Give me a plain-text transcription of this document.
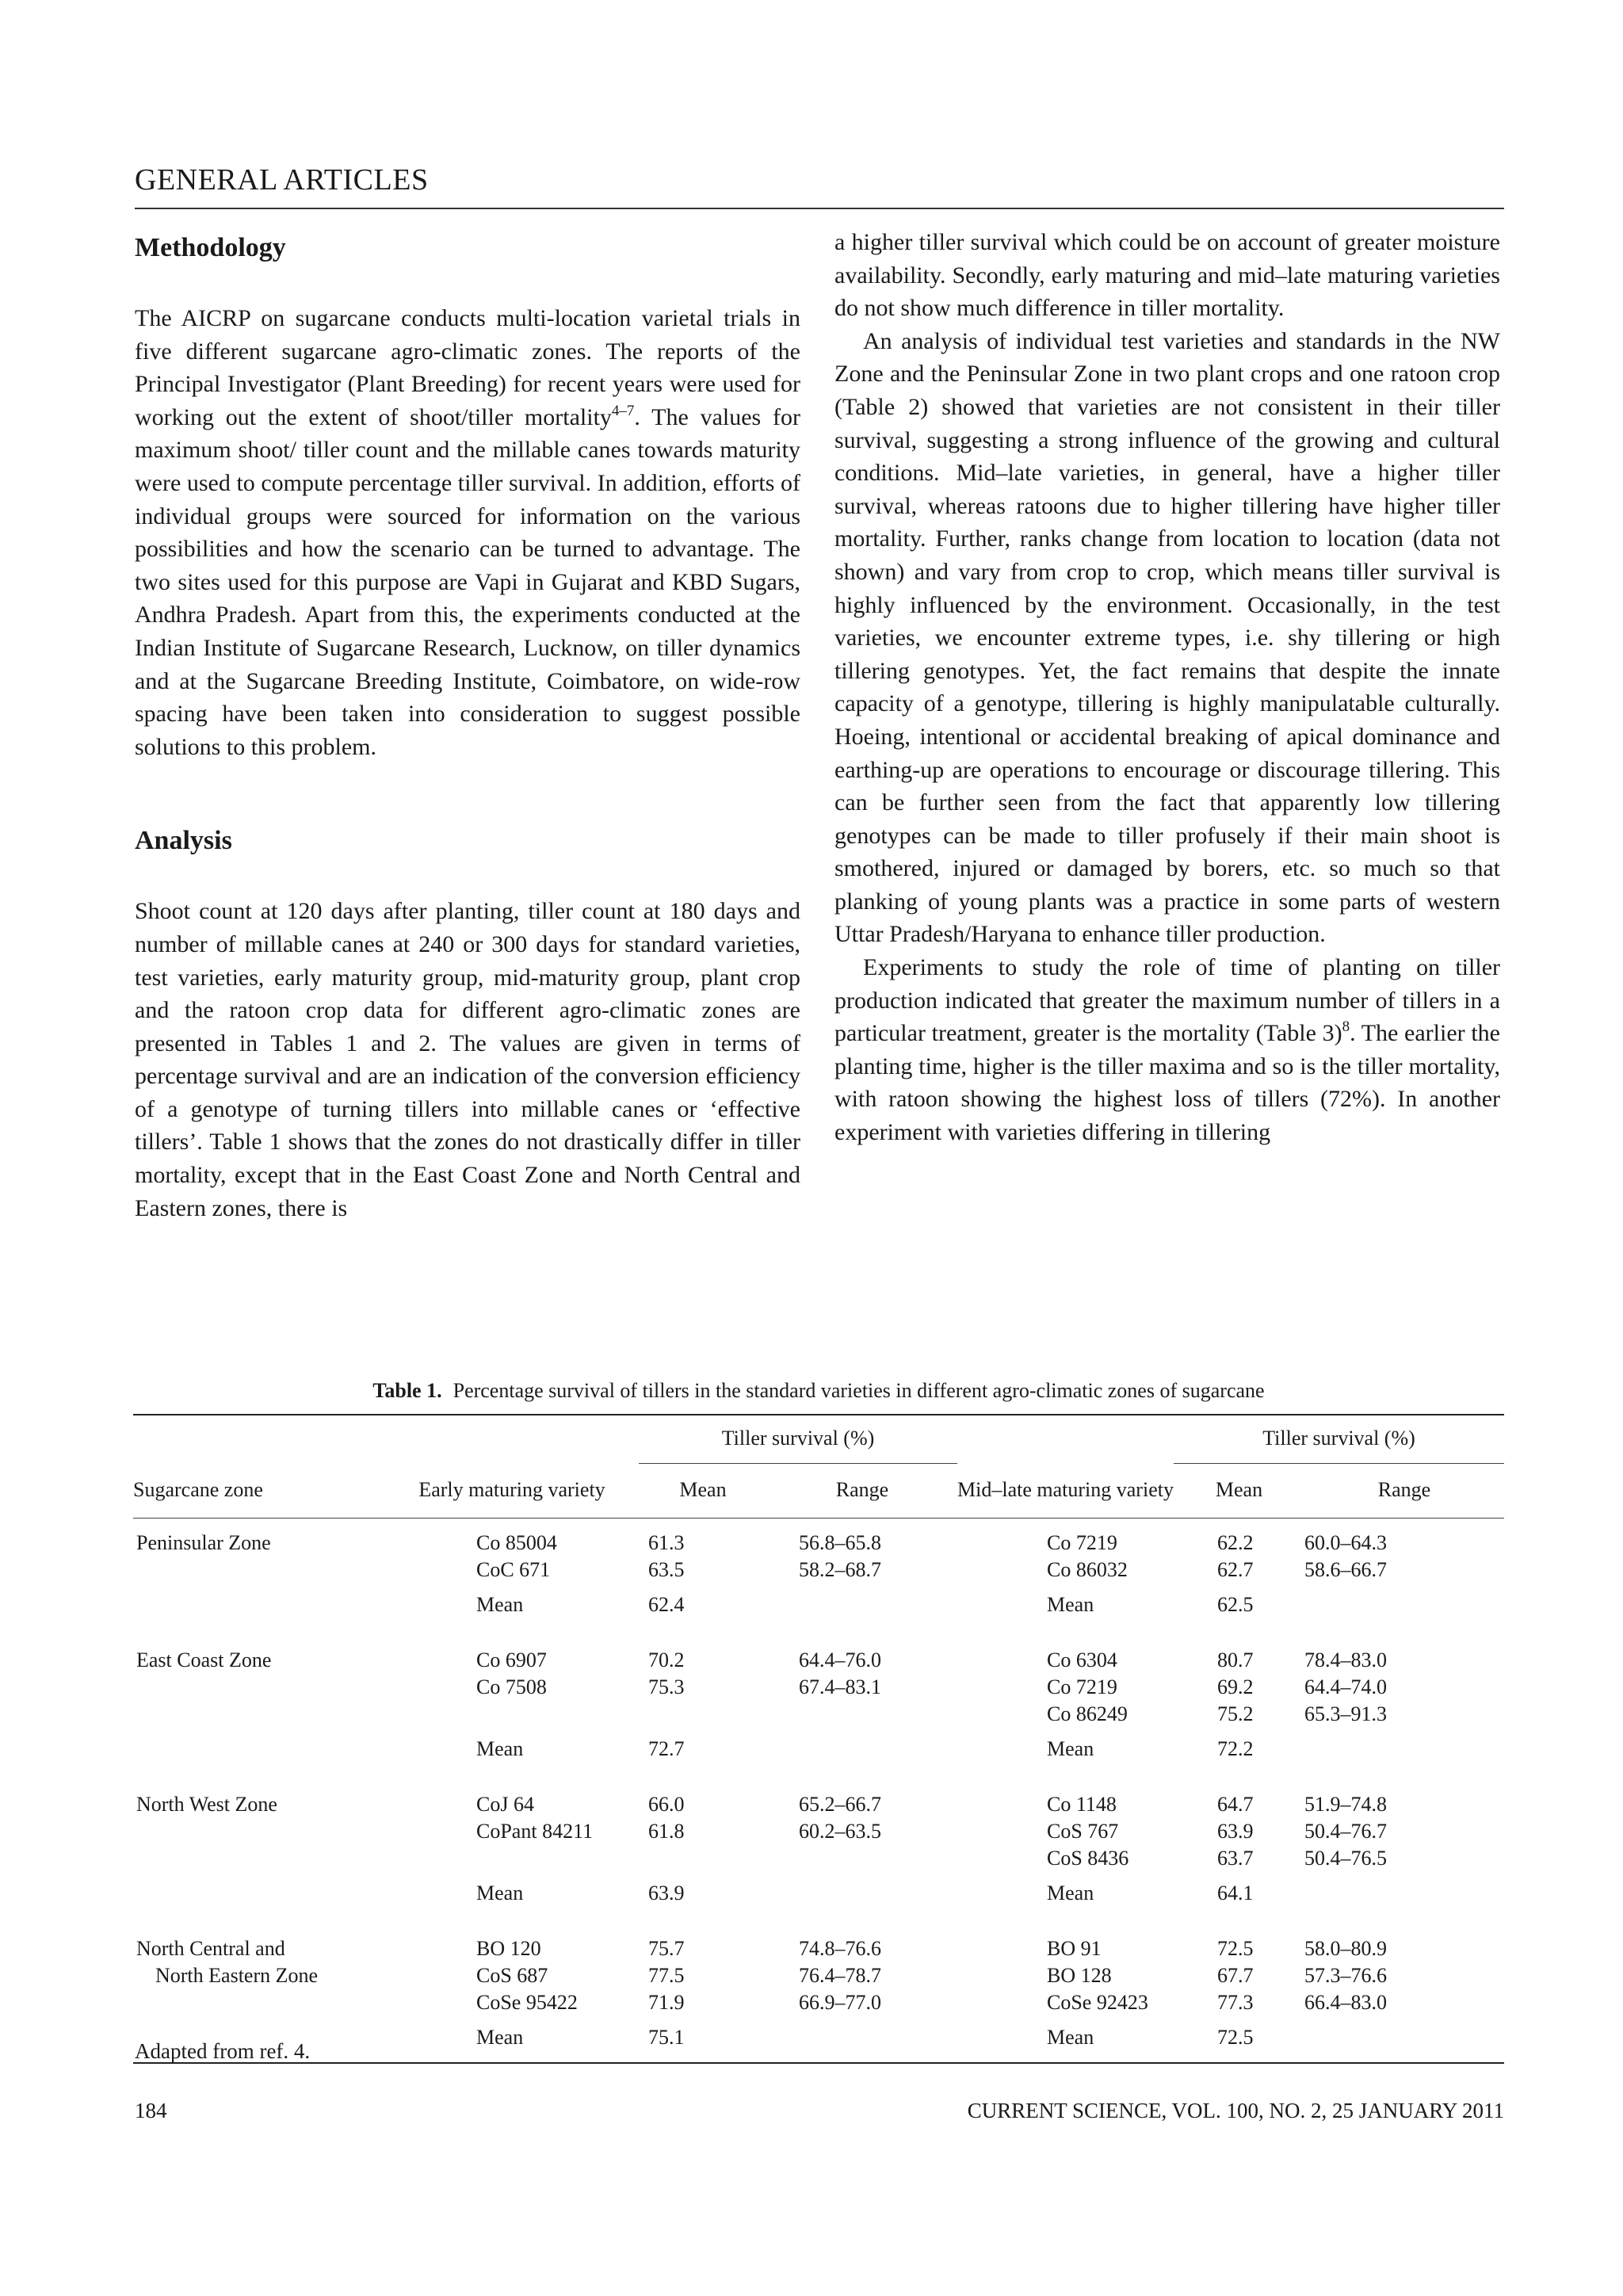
GENERAL ARTICLES
Methodology

The AICRP on sugarcane conducts multi-location varietal trials in five different sugarcane agro-climatic zones. The reports of the Principal Investigator (Plant Breeding) for recent years were used for working out the extent of shoot/tiller mortality$^{4-7}$. The values for maximum shoot/ tiller count and the millable canes towards maturity were used to compute percentage tiller survival. In addition, efforts of individual groups were sourced for information on the various possibilities and how the scenario can be turned to advantage. The two sites used for this purpose are Vapi in Gujarat and KBD Sugars, Andhra Pradesh. Apart from this, the experiments conducted at the Indian Institute of Sugarcane Research, Lucknow, on tiller dynamics and at the Sugarcane Breeding Institute, Coimbatore, on wide-row spacing have been taken into consideration to suggest possible solutions to this problem.

Analysis

Shoot count at 120 days after planting, tiller count at 180 days and number of millable canes at 240 or 300 days for standard varieties, test varieties, early maturity group, mid-maturity group, plant crop and the ratoon crop data for different agro-climatic zones are presented in Tables 1 and 2. The values are given in terms of percentage survival and are an indication of the conversion efficiency of a genotype of turning tillers into millable canes or ‘effective tillers’. Table 1 shows that the zones do not drastically differ in tiller mortality, except that in the East Coast Zone and North Central and Eastern zones, there is

a higher tiller survival which could be on account of greater moisture availability. Secondly, early maturing and mid–late maturing varieties do not show much difference in tiller mortality.

An analysis of individual test varieties and standards in the NW Zone and the Peninsular Zone in two plant crops and one ratoon crop (Table 2) showed that varieties are not consistent in their tiller survival, suggesting a strong influence of the growing and cultural conditions. Mid–late varieties, in general, have a higher tiller survival, whereas ratoons due to higher tillering have higher tiller mortality. Further, ranks change from location to location (data not shown) and vary from crop to crop, which means tiller survival is highly influenced by the environment. Occasionally, in the test varieties, we encounter extreme types, i.e. shy tillering or high tillering genotypes. Yet, the fact remains that despite the innate capacity of a genotype, tillering is highly manipulatable culturally. Hoeing, intentional or accidental breaking of apical dominance and earthing-up are operations to encourage or discourage tillering. This can be further seen from the fact that apparently low tillering genotypes can be made to tiller profusely if their main shoot is smothered, injured or damaged by borers, etc. so much so that planking of young plants was a practice in some parts of western Uttar Pradesh/Haryana to enhance tiller production.

Experiments to study the role of time of planting on tiller production indicated that greater the maximum number of tillers in a particular treatment, greater is the mortality (Table 3)$^8$. The earlier the planting time, higher is the tiller maxima and so is the tiller mortality, with ratoon showing the highest loss of tillers (72%). In another experiment with varieties differing in tillering

Table 1. Percentage survival of tillers in the standard varieties in different agro-climatic zones of sugarcane
		Tiller survival (%)			Tiller survival (%)	
Sugarcane zone	Early maturing variety	Mean	Range	Mid–late maturing variety	Mean	Range
Peninsular Zone	Co 85004	61.3	56.8–65.8	Co 7219	62.2	60.0–64.3
	CoC 671	63.5	58.2–68.7	Co 86032	62.7	58.6–66.7
	Mean	62.4		Mean	62.5	
East Coast Zone	Co 6907	70.2	64.4–76.0	Co 6304	80.7	78.4–83.0
	Co 7508	75.3	67.4–83.1	Co 7219	69.2	64.4–74.0
				Co 86249	75.2	65.3–91.3
	Mean	72.7		Mean	72.2	
North West Zone	CoJ 64	66.0	65.2–66.7	Co 1148	64.7	51.9–74.8
	CoPant 84211	61.8	60.2–63.5	CoS 767	63.9	50.4–76.7
				CoS 8436	63.7	50.4–76.5
	Mean	63.9		Mean	64.1	
North Central and	BO 120	75.7	74.8–76.6	BO 91	72.5	58.0–80.9
North Eastern Zone	CoS 687	77.5	76.4–78.7	BO 128	67.7	57.3–76.6
	CoSe 95422	71.9	66.9–77.0	CoSe 92423	77.3	66.4–83.0
	Mean	75.1		Mean	72.5	
Adapted from ref. 4.
184	CURRENT SCIENCE, VOL. 100, NO. 2, 25 JANUARY 2011
